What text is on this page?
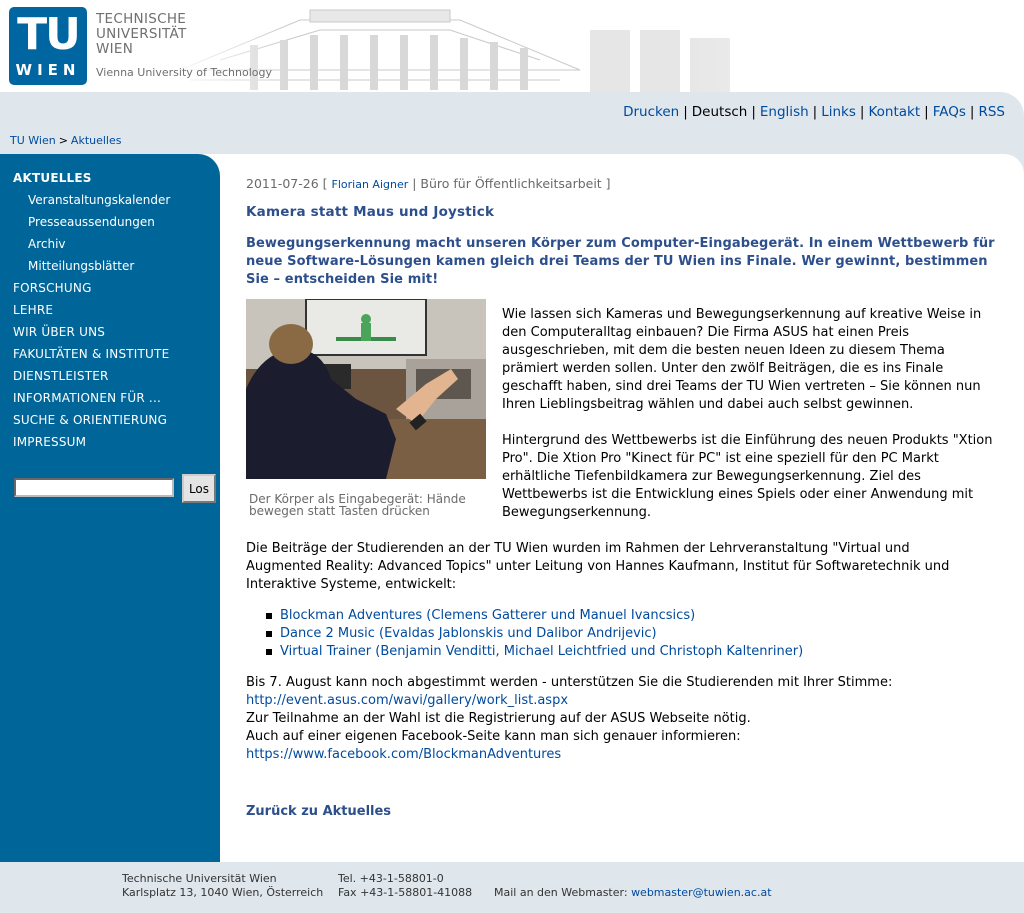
TU
WIEN
TECHNISCHE
UNIVERSITÄT
WIEN
Vienna University of Technology
Drucken | Deutsch | English | Links | Kontakt | FAQs | RSS
TU Wien > Aktuelles
AKTUELLES
Veranstaltungskalender
Presseaussendungen
Archiv
Mitteilungsblätter
FORSCHUNG
LEHRE
WIR ÜBER UNS
FAKULTÄTEN & INSTITUTE
DIENSTLEISTER
INFORMATIONEN FÜR ...
SUCHE & ORIENTIERUNG
IMPRESSUM
Los
2011-07-26 [ Florian Aigner | Büro für Öffentlichkeitsarbeit ]
Kamera statt Maus und Joystick
Bewegungserkennung macht unseren Körper zum Computer-Eingabegerät. In einem Wettbewerb für neue Software-Lösungen kamen gleich drei Teams der TU Wien ins Finale. Wer gewinnt, bestimmen Sie – entscheiden Sie mit!
Der Körper als Eingabegerät: Hände bewegen statt Tasten drücken
Wie lassen sich Kameras und Bewegungserkennung auf kreative Weise in den Computeralltag einbauen? Die Firma ASUS hat einen Preis ausgeschrieben, mit dem die besten neuen Ideen zu diesem Thema prämiert werden sollen. Unter den zwölf Beiträgen, die es ins Finale geschafft haben, sind drei Teams der TU Wien vertreten – Sie können nun Ihren Lieblingsbeitrag wählen und dabei auch selbst gewinnen.
Hintergrund des Wettbewerbs ist die Einführung des neuen Produkts "Xtion Pro". Die Xtion Pro "Kinect für PC" ist eine speziell für den PC Markt erhältliche Tiefenbildkamera zur Bewegungserkennung. Ziel des Wettbewerbs ist die Entwicklung eines Spiels oder einer Anwendung mit Bewegungserkennung.
Die Beiträge der Studierenden an der TU Wien wurden im Rahmen der Lehrveranstaltung "Virtual und Augmented Reality: Advanced Topics" unter Leitung von Hannes Kaufmann, Institut für Softwaretechnik und Interaktive Systeme, entwickelt:
Blockman Adventures (Clemens Gatterer und Manuel Ivancsics)
Dance 2 Music (Evaldas Jablonskis und Dalibor Andrijevic)
Virtual Trainer (Benjamin Venditti, Michael Leichtfried und Christoph Kaltenriner)
Bis 7. August kann noch abgestimmt werden - unterstützen Sie die Studierenden mit Ihrer Stimme:
http://event.asus.com/wavi/gallery/work_list.aspx
Zur Teilnahme an der Wahl ist die Registrierung auf der ASUS Webseite nötig.
Auch auf einer eigenen Facebook-Seite kann man sich genauer informieren:
https://www.facebook.com/BlockmanAdventures
Zurück zu Aktuelles
Technische Universität Wien
Karlsplatz 13, 1040 Wien, Österreich
Tel. +43-1-58801-0
Fax +43-1-58801-41088 Mail an den Webmaster: webmaster@tuwien.ac.at
